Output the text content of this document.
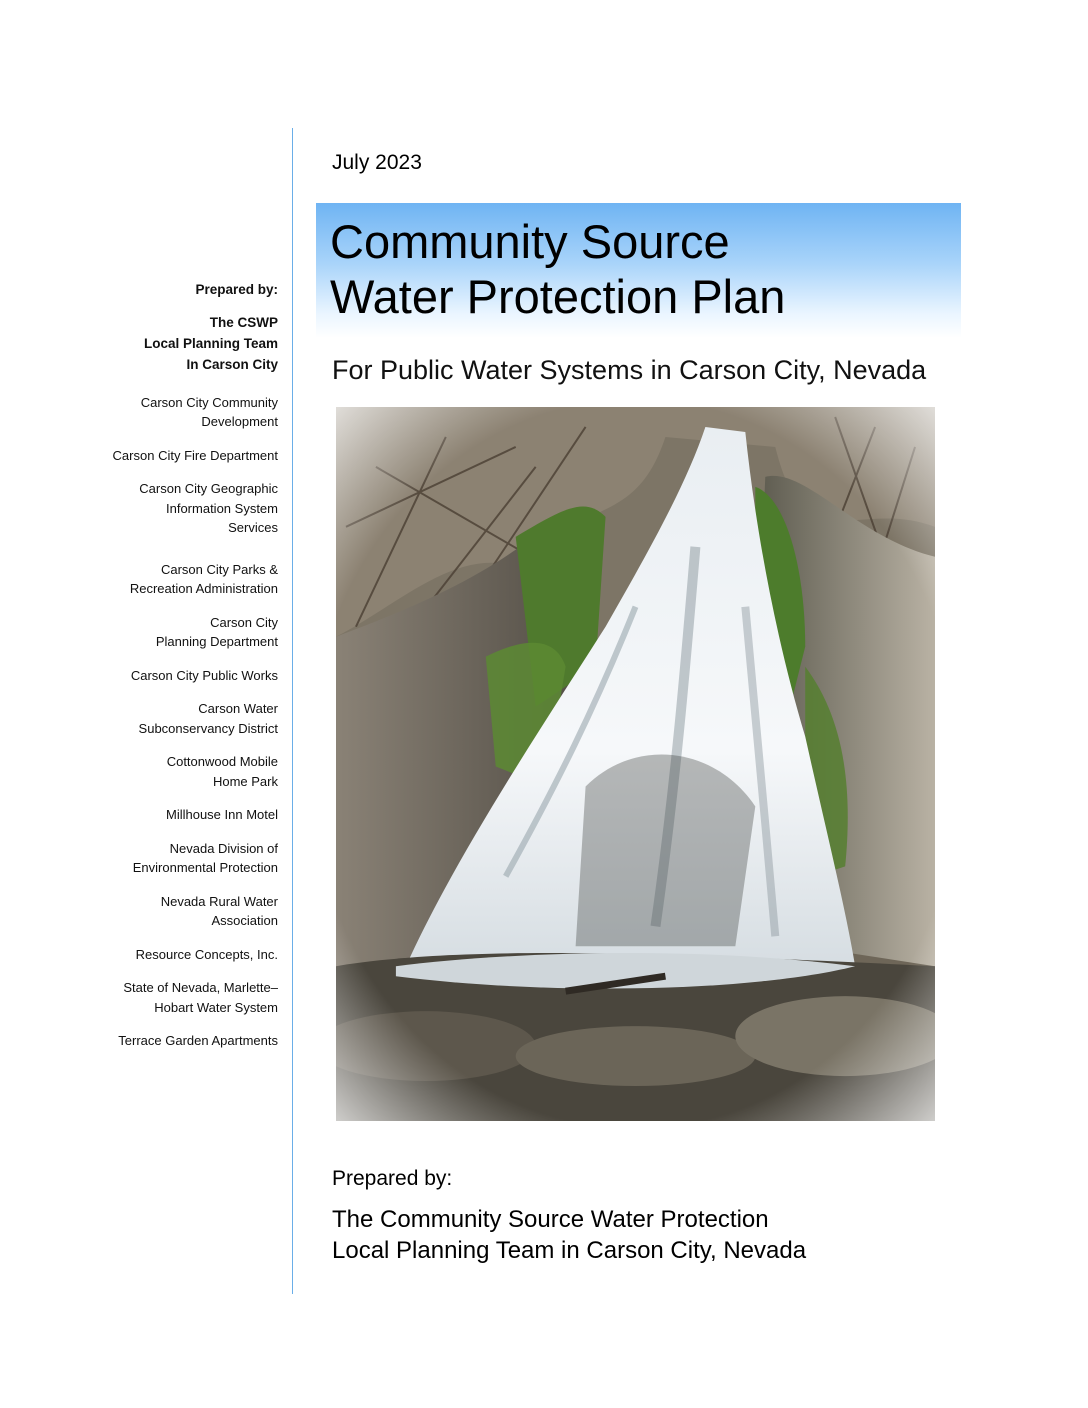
Prepared by:
The CSWP
Local Planning Team
In Carson City
Carson City Community
Development
Carson City Fire Department
Carson City Geographic
Information System
Services
Carson City Parks &
Recreation Administration
Carson City
Planning Department
Carson City Public Works
Carson Water
Subconservancy District
Cottonwood Mobile
Home Park
Millhouse Inn Motel
Nevada Division of
Environmental Protection
Nevada Rural Water
Association
Resource Concepts, Inc.
State of Nevada, Marlette–
Hobart Water System
Terrace Garden Apartments
July 2023
Community Source
Water Protection Plan
For Public Water Systems in Carson City, Nevada
Prepared by:
The Community Source Water Protection
Local Planning Team in Carson City, Nevada
